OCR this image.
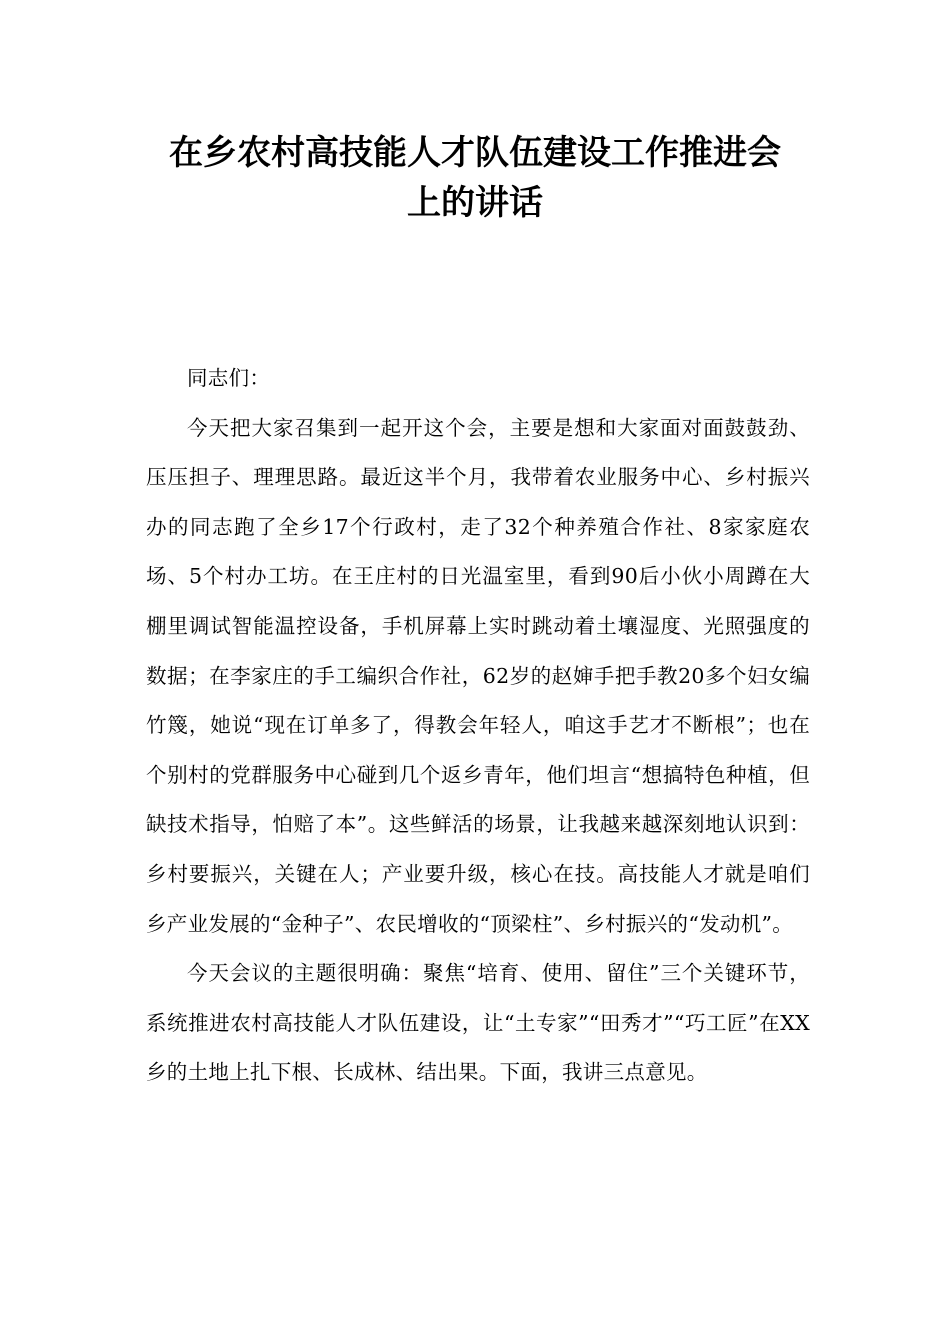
在乡农村高技能人才队伍建设工作推进会
上的讲话

同志们：

今天把大家召集到一起开这个会，主要是想和大家面对面鼓鼓劲、压压担子、理理思路。最近这半个月，我带着农业服务中心、乡村振兴办的同志跑了全乡17个行政村，走了32个种养殖合作社、8家家庭农场、5个村办工坊。在王庄村的日光温室里，看到90后小伙小周蹲在大棚里调试智能温控设备，手机屏幕上实时跳动着土壤湿度、光照强度的数据；在李家庄的手工编织合作社，62岁的赵婶手把手教20多个妇女编竹篾，她说“现在订单多了，得教会年轻人，咱这手艺才不断根”；也在个别村的党群服务中心碰到几个返乡青年，他们坦言“想搞特色种植，但缺技术指导，怕赔了本”。这些鲜活的场景，让我越来越深刻地认识到：乡村要振兴，关键在人；产业要升级，核心在技。高技能人才就是咱们乡产业发展的“金种子”、农民增收的“顶梁柱”、乡村振兴的“发动机”。

今天会议的主题很明确：聚焦“培育、使用、留住”三个关键环节，系统推进农村高技能人才队伍建设，让“土专家”“田秀才”“巧工匠”在XX乡的土地上扎下根、长成林、结出果。下面，我讲三点意见。
